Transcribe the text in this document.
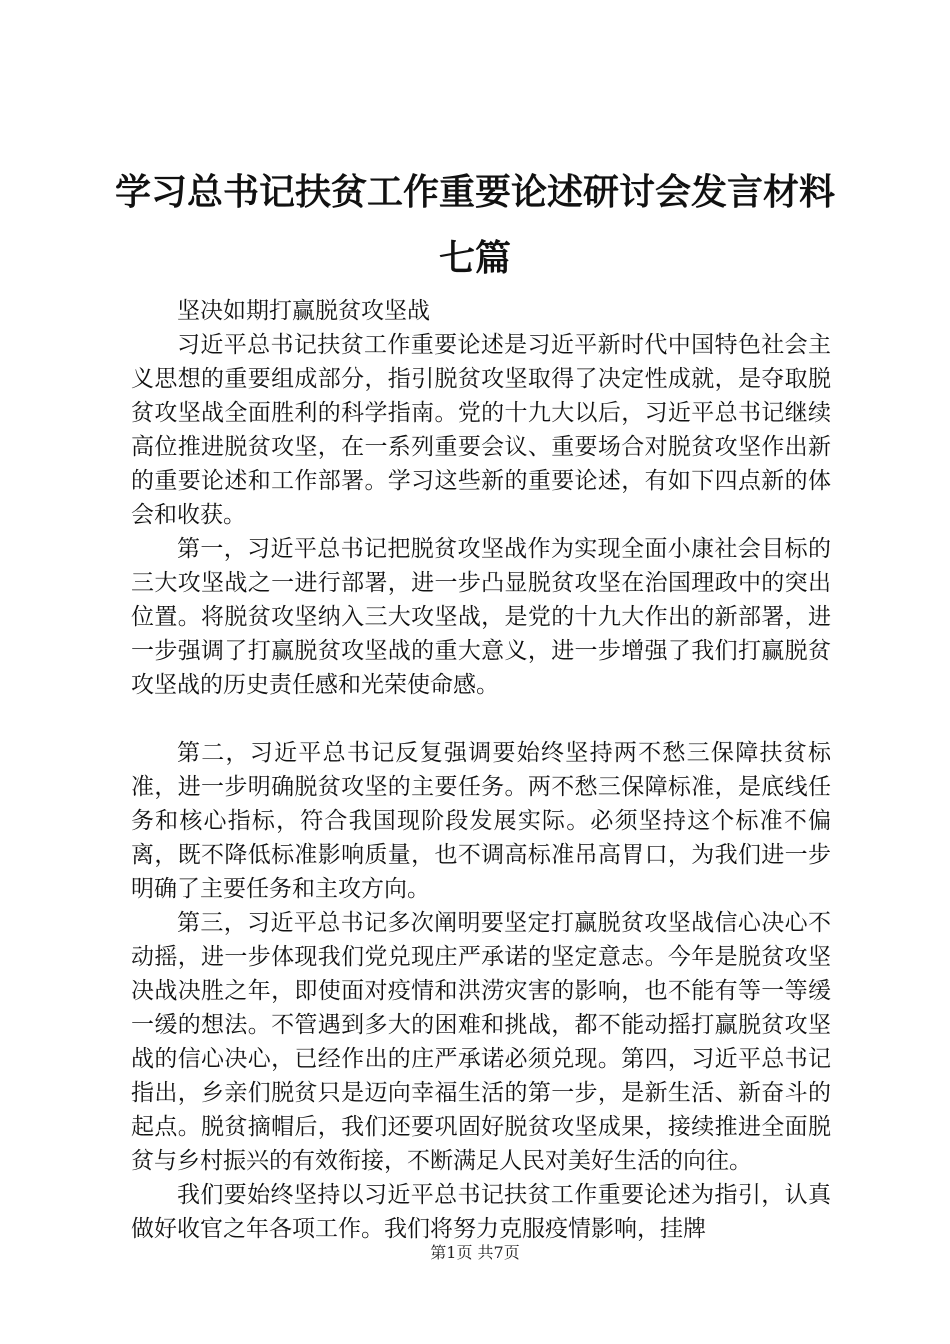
学习总书记扶贫工作重要论述研讨会发言材料七篇

坚决如期打赢脱贫攻坚战

习近平总书记扶贫工作重要论述是习近平新时代中国特色社会主义思想的重要组成部分，指引脱贫攻坚取得了决定性成就，是夺取脱贫攻坚战全面胜利的科学指南。党的十九大以后，习近平总书记继续高位推进脱贫攻坚，在一系列重要会议、重要场合对脱贫攻坚作出新的重要论述和工作部署。学习这些新的重要论述，有如下四点新的体会和收获。

第一，习近平总书记把脱贫攻坚战作为实现全面小康社会目标的三大攻坚战之一进行部署，进一步凸显脱贫攻坚在治国理政中的突出位置。将脱贫攻坚纳入三大攻坚战，是党的十九大作出的新部署，进一步强调了打赢脱贫攻坚战的重大意义，进一步增强了我们打赢脱贫攻坚战的历史责任感和光荣使命感。

第二，习近平总书记反复强调要始终坚持两不愁三保障扶贫标准，进一步明确脱贫攻坚的主要任务。两不愁三保障标准，是底线任务和核心指标，符合我国现阶段发展实际。必须坚持这个标准不偏离，既不降低标准影响质量，也不调高标准吊高胃口，为我们进一步明确了主要任务和主攻方向。

第三，习近平总书记多次阐明要坚定打赢脱贫攻坚战信心决心不动摇，进一步体现我们党兑现庄严承诺的坚定意志。今年是脱贫攻坚决战决胜之年，即使面对疫情和洪涝灾害的影响，也不能有等一等缓一缓的想法。不管遇到多大的困难和挑战，都不能动摇打赢脱贫攻坚战的信心决心，已经作出的庄严承诺必须兑现。第四，习近平总书记指出，乡亲们脱贫只是迈向幸福生活的第一步，是新生活、新奋斗的起点。脱贫摘帽后，我们还要巩固好脱贫攻坚成果，接续推进全面脱贫与乡村振兴的有效衔接，不断满足人民对美好生活的向往。

我们要始终坚持以习近平总书记扶贫工作重要论述为指引，认真做好收官之年各项工作。我们将努力克服疫情影响，挂牌

第1页 共7页
